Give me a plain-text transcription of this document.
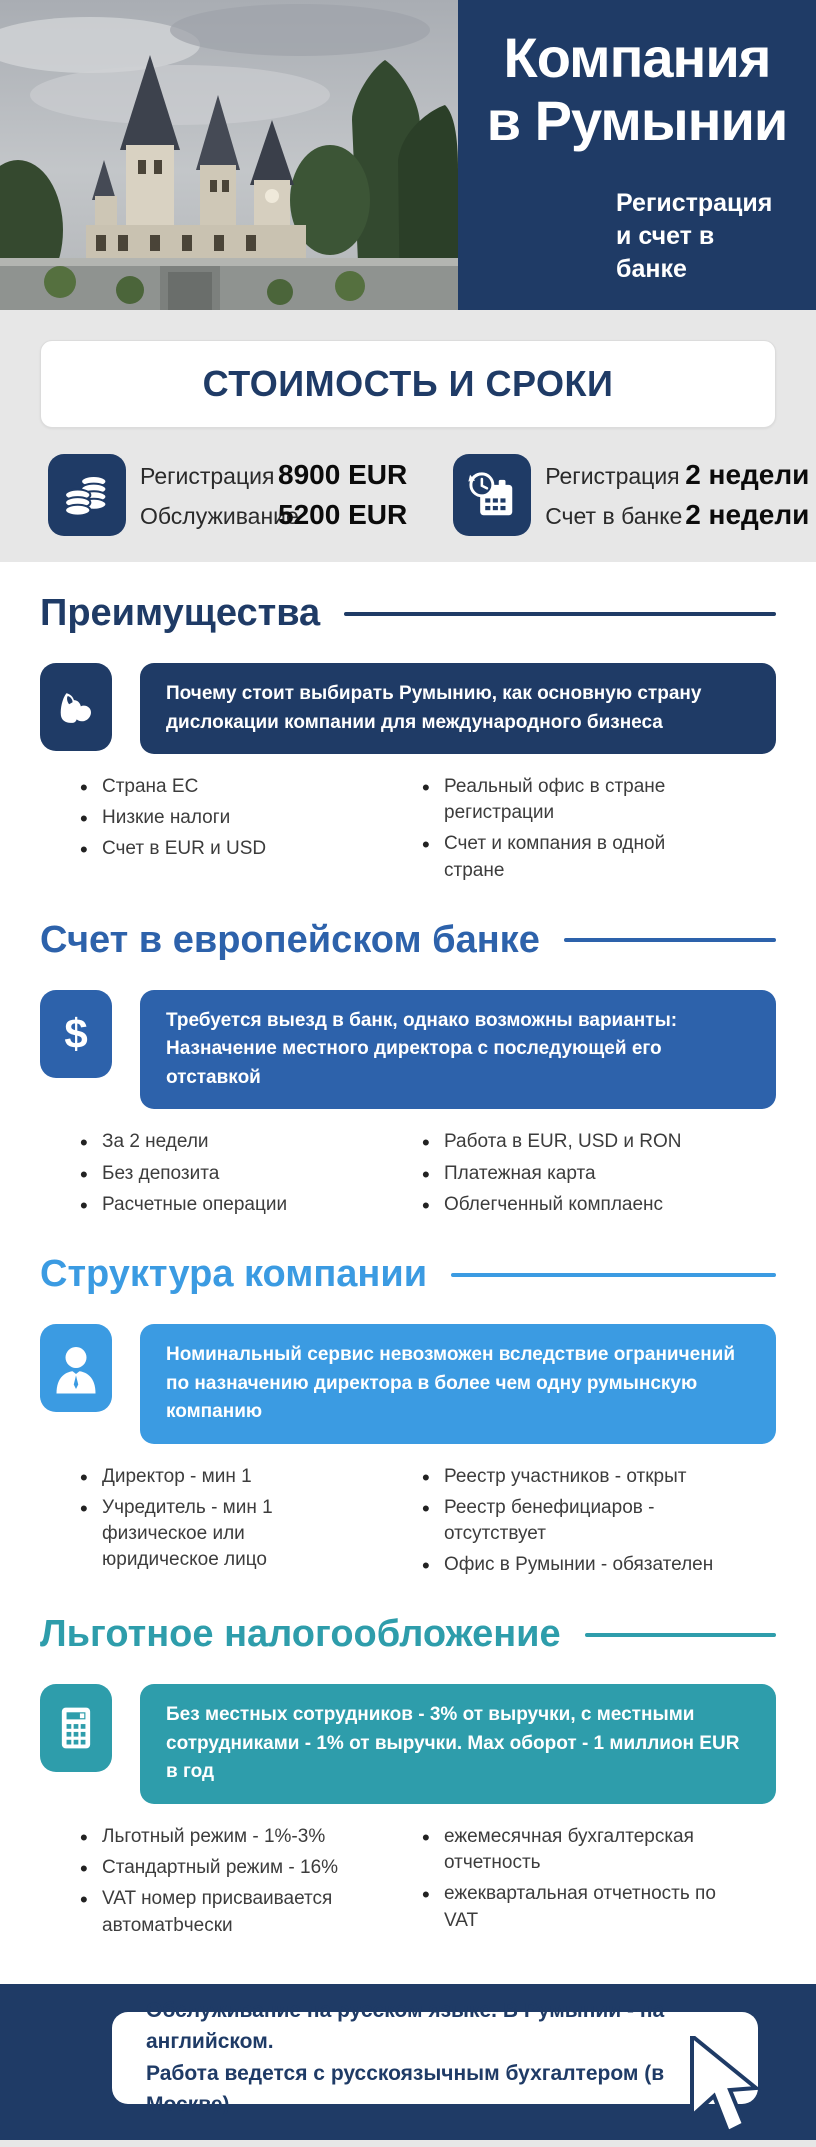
Компания
в Румынии
Регистрация и счет в банке
СТОИМОСТЬ И СРОКИ
Регистрация 8900 EUR
Обслуживание
5200 EUR
Регистрация 2 недели
Счет в банке 2 недели
Преимущества
Почему стоит выбирать Румынию, как основную страну дислокации компании для международного бизнеса
• Страна ЕС
• Низкие налоги
• Счет в EUR и USD
• Реальный офис в стране регистрации
• Счет и компания в одной стране
Счет в европейском банке
$	Требуется выезд в банк, однако возможны варианты: Назначение местного директора с последующей его отставкой
• За 2 недели
• Без депозита
• Расчетные операции
• Работа в EUR, USD и RON
• Платежная карта
• Облегченный комплаенс
Структура компании
Номинальный сервис невозможен вследствие ограничений по назначению директора в более чем одну румынскую компанию
• Директор - мин 1
• Учредитель - мин 1 физическое или юридическое лицо
• Реестр участников - открыт
• Реестр бенефициаров - отсутствует
• Офис в Румынии - обязателен
Льготное налогообложение
Без местных сотрудников - 3% от выручки, с местными сотрудниками - 1% от выручки. Max оборот - 1 миллион EUR в год
• Льготный режим - 1%-3%
• Стандартный режим - 16%
• VAT номер присваивается автоматbчески
• ежемесячная бухгалтерская отчетность
• ежеквартальная отчетность по VAT
Обслуживание на русском языке. В Румынии - на английском.
Работа ведется с русскоязычным бухгалтером (в Москве)
